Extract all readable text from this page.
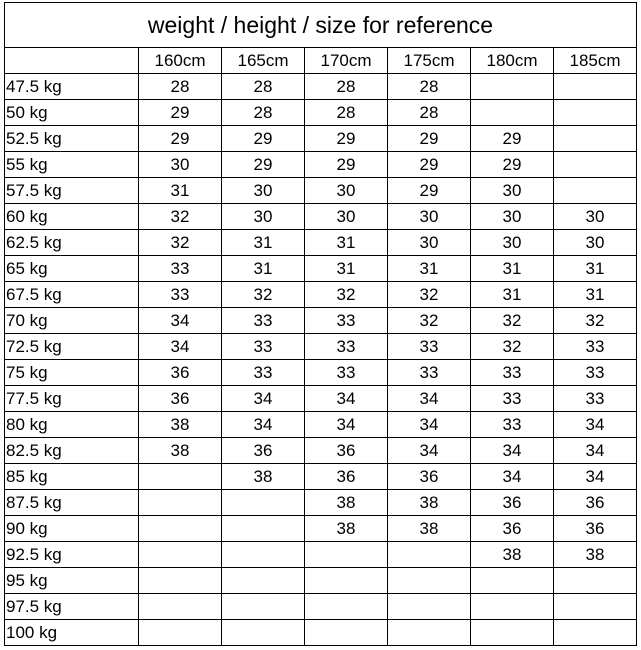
weight / height / size for reference						
	160cm	165cm	170cm	175cm	180cm	185cm
47.5 kg	28	28	28	28		
50 kg	29	28	28	28		
52.5 kg	29	29	29	29	29	
55 kg	30	29	29	29	29	
57.5 kg	31	30	30	29	30	
60 kg	32	30	30	30	30	30
62.5 kg	32	31	31	30	30	30
65 kg	33	31	31	31	31	31
67.5 kg	33	32	32	32	31	31
70 kg	34	33	33	32	32	32
72.5 kg	34	33	33	33	32	33
75 kg	36	33	33	33	33	33
77.5 kg	36	34	34	34	33	33
80 kg	38	34	34	34	33	34
82.5 kg	38	36	36	34	34	34
85 kg		38	36	36	34	34
87.5 kg			38	38	36	36
90 kg			38	38	36	36
92.5 kg					38	38
95 kg						
97.5 kg						
100 kg						
